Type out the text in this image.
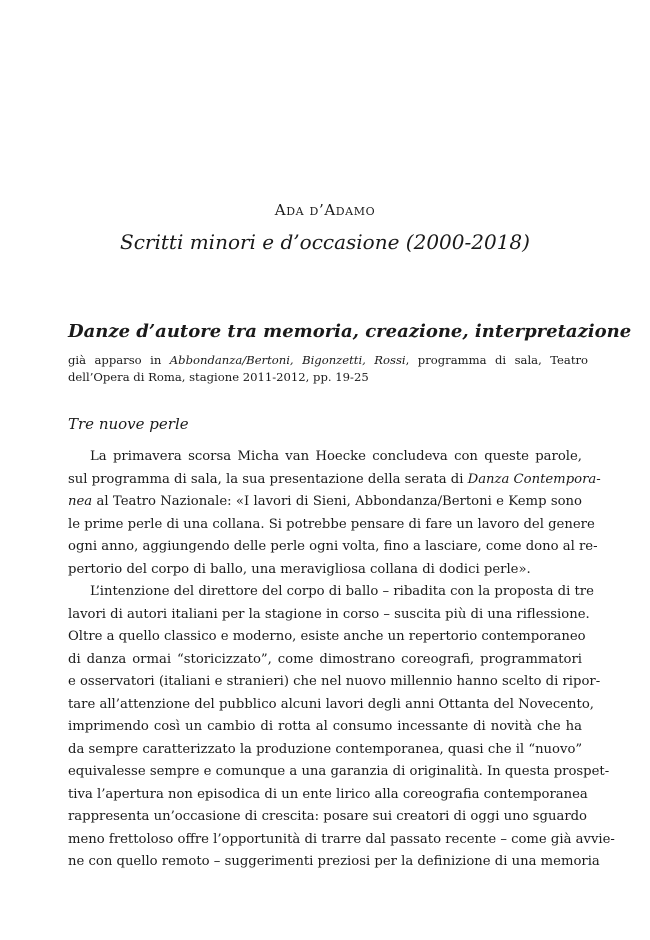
Ada d’Adamo
Scritti minori e d’occasione (2000-2018)
Danze d’autore tra memoria, creazione, interpretazione
già apparso in Abbondanza/Bertoni, Bigonzetti, Rossi, programma di sala, Teatro dell’Opera di Roma, stagione 2011-2012, pp. 19-25
Tre nuove perle
La primavera scorsa Micha van Hoecke concludeva con queste parole,
sul programma di sala, la sua presentazione della serata di Danza Contempora-
nea al Teatro Nazionale: «I lavori di Sieni, Abbondanza/Bertoni e Kemp sono
le prime perle di una collana. Si potrebbe pensare di fare un lavoro del genere
ogni anno, aggiungendo delle perle ogni volta, fino a lasciare, come dono al re-
pertorio del corpo di ballo, una meravigliosa collana di dodici perle».
L’intenzione del direttore del corpo di ballo – ribadita con la proposta di tre
lavori di autori italiani per la stagione in corso – suscita più di una riflessione.
Oltre a quello classico e moderno, esiste anche un repertorio contemporaneo
di danza ormai “storicizzato”, come dimostrano coreografi, programmatori
e osservatori (italiani e stranieri) che nel nuovo millennio hanno scelto di ripor-
tare all’attenzione del pubblico alcuni lavori degli anni Ottanta del Novecento,
imprimendo così un cambio di rotta al consumo incessante di novità che ha
da sempre caratterizzato la produzione contemporanea, quasi che il “nuovo”
equivalesse sempre e comunque a una garanzia di originalità. In questa prospet-
tiva l’apertura non episodica di un ente lirico alla coreografia contemporanea
rappresenta un’occasione di crescita: posare sui creatori di oggi uno sguardo
meno frettoloso offre l’opportunità di trarre dal passato recente – come già avvie-
ne con quello remoto – suggerimenti preziosi per la definizione di una memoria
